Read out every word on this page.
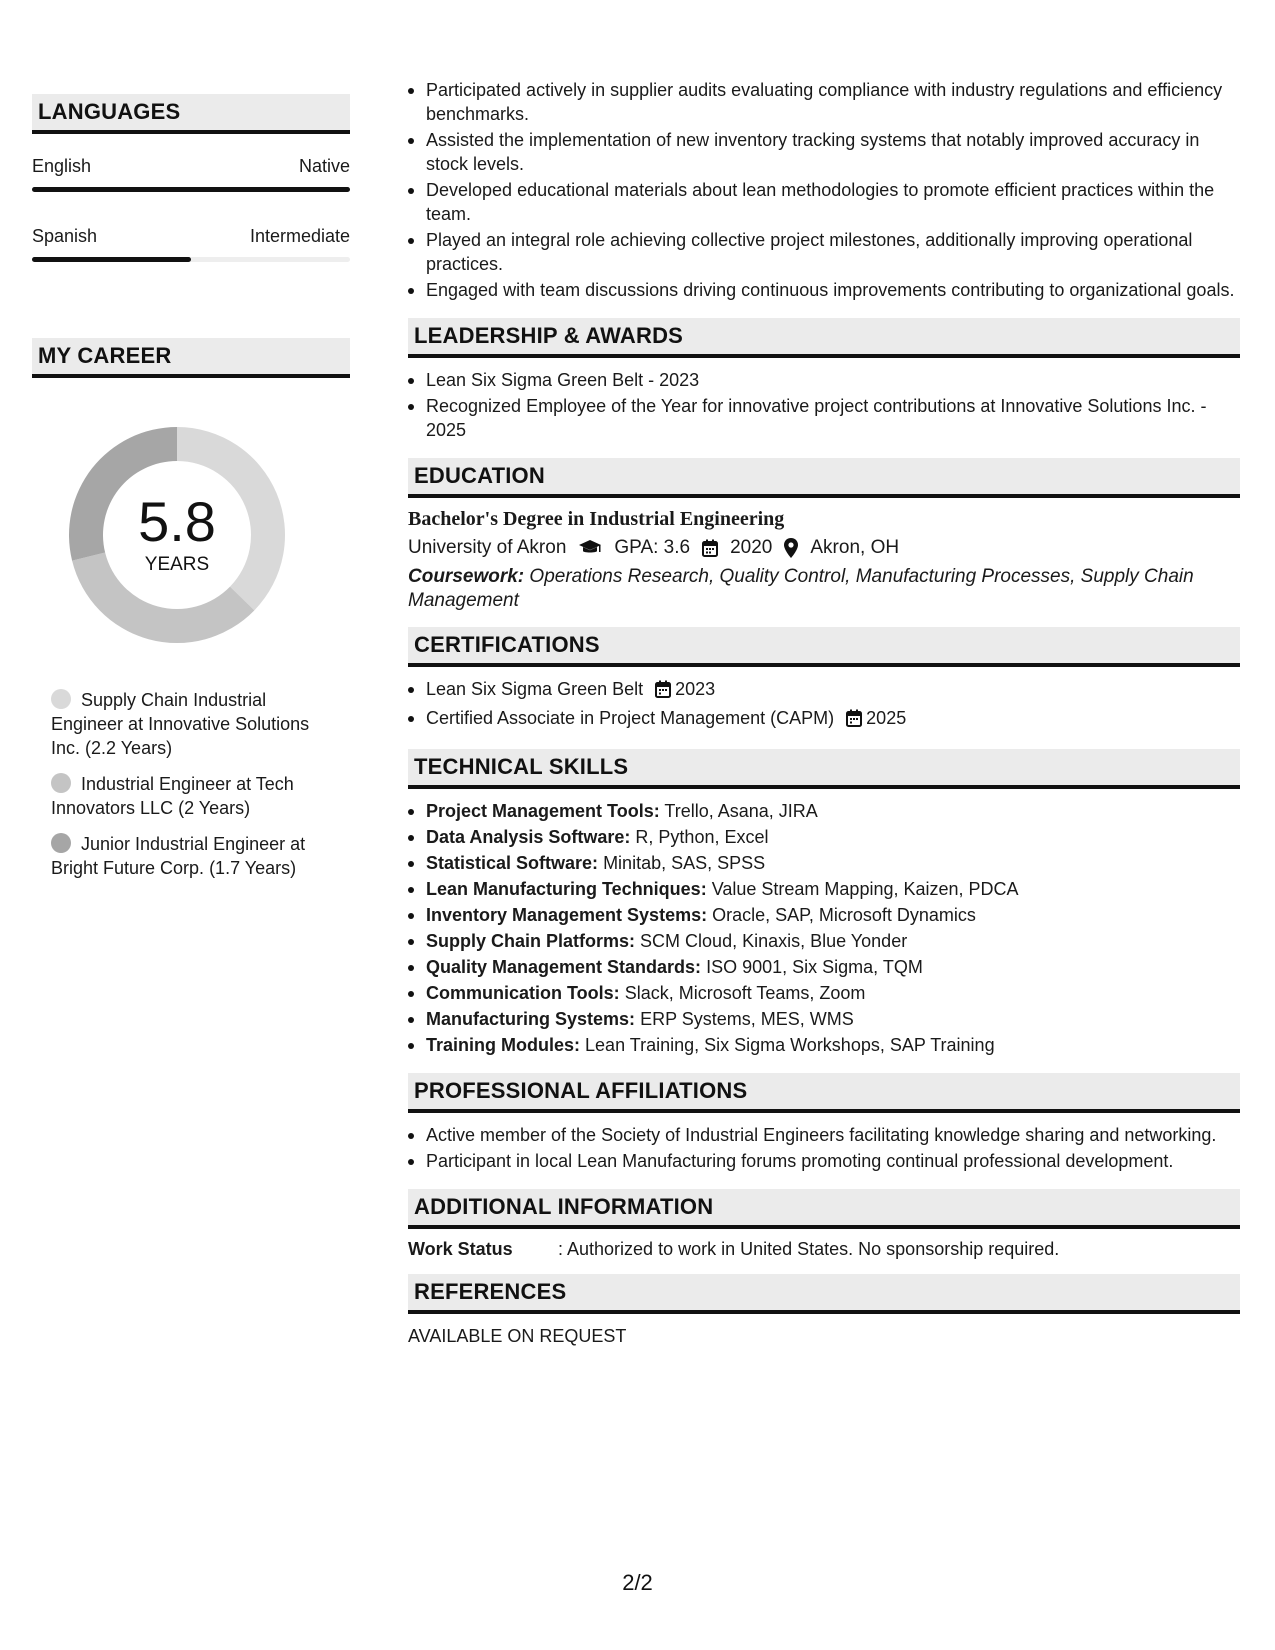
LANGUAGES
English	Native
Spanish	Intermediate
MY CAREER
5.8
YEARS
Supply Chain Industrial Engineer at Innovative Solutions Inc. (2.2 Years)
Industrial Engineer at Tech Innovators LLC (2 Years)
Junior Industrial Engineer at Bright Future Corp. (1.7 Years)
Participated actively in supplier audits evaluating compliance with industry regulations and efficiency benchmarks.
Assisted the implementation of new inventory tracking systems that notably improved accuracy in stock levels.
Developed educational materials about lean methodologies to promote efficient practices within the team.
Played an integral role achieving collective project milestones, additionally improving operational practices.
Engaged with team discussions driving continuous improvements contributing to organizational goals.
LEADERSHIP & AWARDS
Lean Six Sigma Green Belt - 2023
Recognized Employee of the Year for innovative project contributions at Innovative Solutions Inc. - 2025
EDUCATION
Bachelor's Degree in Industrial Engineering
University of Akron	GPA: 3.6 2020 Akron, OH
Coursework: Operations Research, Quality Control, Manufacturing Processes, Supply Chain Management
CERTIFICATIONS
Lean Six Sigma Green Belt 2023
Certified Associate in Project Management (CAPM) 2025
TECHNICAL SKILLS
Project Management Tools: Trello, Asana, JIRA
Data Analysis Software: R, Python, Excel
Statistical Software: Minitab, SAS, SPSS
Lean Manufacturing Techniques: Value Stream Mapping, Kaizen, PDCA
Inventory Management Systems: Oracle, SAP, Microsoft Dynamics
Supply Chain Platforms: SCM Cloud, Kinaxis, Blue Yonder
Quality Management Standards: ISO 9001, Six Sigma, TQM
Communication Tools: Slack, Microsoft Teams, Zoom
Manufacturing Systems: ERP Systems, MES, WMS
Training Modules: Lean Training, Six Sigma Workshops, SAP Training
PROFESSIONAL AFFILIATIONS
Active member of the Society of Industrial Engineers facilitating knowledge sharing and networking.
Participant in local Lean Manufacturing forums promoting continual professional development.
ADDITIONAL INFORMATION
Work Status	: Authorized to work in United States. No sponsorship required.
REFERENCES
AVAILABLE ON REQUEST
2/2
